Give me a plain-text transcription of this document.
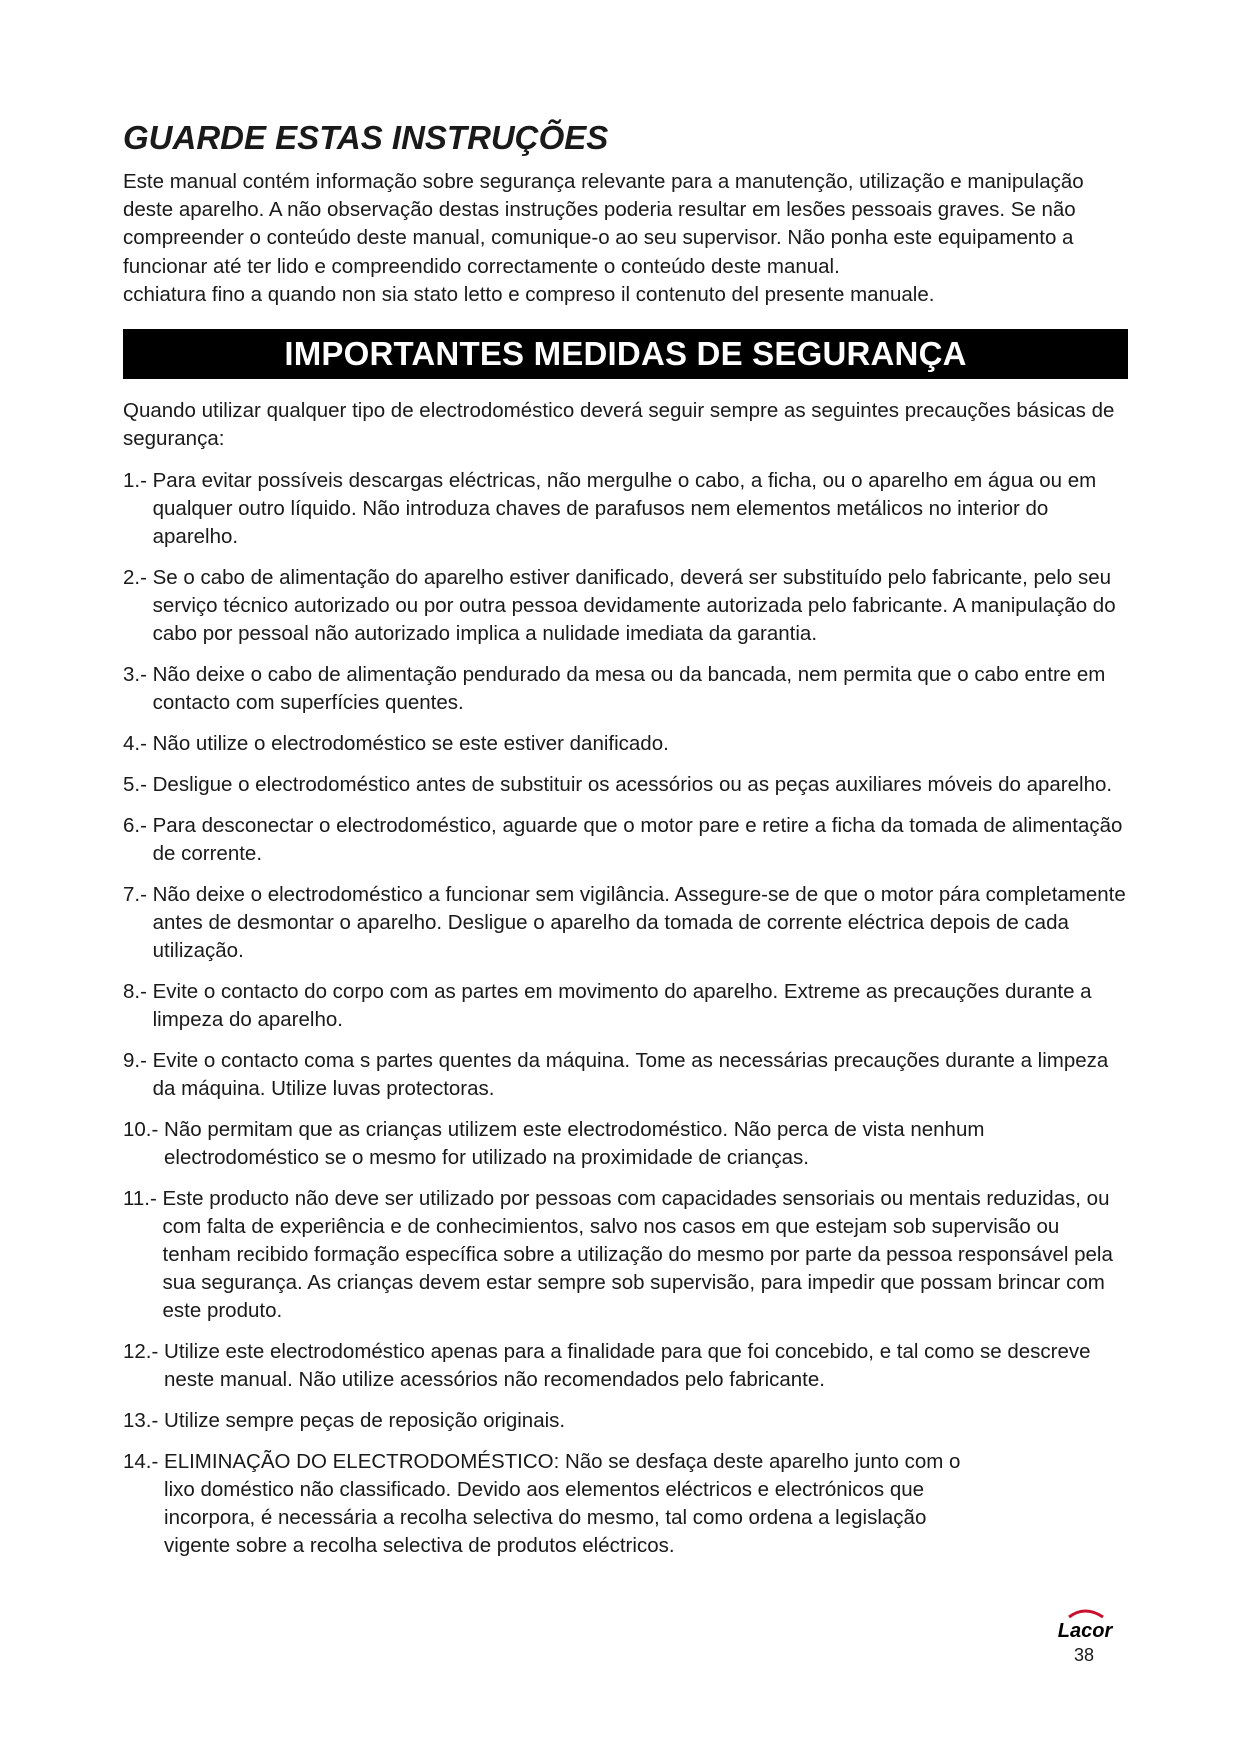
GUARDE ESTAS INSTRUÇÕES

Este manual contém informação sobre segurança relevante para a manutenção, utilização e manipulação deste aparelho. A não observação destas instruções poderia resultar em lesões pessoais graves. Se não compreender o conteúdo deste manual, comunique-o ao seu supervisor. Não ponha este equipamento a funcionar até ter lido e compreendido correctamente o conteúdo deste manual.

cchiatura fino a quando non sia stato letto e compreso il contenuto del presente manuale.

IMPORTANTES MEDIDAS DE SEGURANÇA

Quando utilizar qualquer tipo de electrodoméstico deverá seguir sempre as seguintes precauções básicas de segurança:

1.- Para evitar possíveis descargas eléctricas, não mergulhe o cabo, a ficha, ou o aparelho em água ou em qualquer outro líquido. Não introduza chaves de parafusos nem elementos metálicos no interior do aparelho.
2.- Se o cabo de alimentação do aparelho estiver danificado, deverá ser substituído pelo fabricante, pelo seu serviço técnico autorizado ou por outra pessoa devidamente autorizada pelo fabricante. A manipulação do cabo por pessoal não autorizado implica a nulidade imediata da garantia.
3.- Não deixe o cabo de alimentação pendurado da mesa ou da bancada, nem permita que o cabo entre em contacto com superfícies quentes.
4.- Não utilize o electrodoméstico se este estiver danificado.
5.- Desligue o electrodoméstico antes de substituir os acessórios ou as peças auxiliares móveis do aparelho.
6.- Para desconectar o electrodoméstico, aguarde que o motor pare e retire a ficha da tomada de alimentação de corrente.
7.- Não deixe o electrodoméstico a funcionar sem vigilância. Assegure-se de que o motor pára completamente antes de desmontar o aparelho. Desligue o aparelho da tomada de corrente eléctrica depois de cada utilização.
8.- Evite o contacto do corpo com as partes em movimento do aparelho. Extreme as precauções durante a limpeza do aparelho.
9.- Evite o contacto coma s partes quentes da máquina. Tome as necessárias precauções durante a limpeza da máquina. Utilize luvas protectoras.
10.- Não permitam que as crianças utilizem este electrodoméstico. Não perca de vista nenhum electrodoméstico se o mesmo for utilizado na proximidade de crianças.
11.- Este producto não deve ser utilizado por pessoas com capacidades sensoriais ou mentais reduzidas, ou com falta de experiência e de conhecimientos, salvo nos casos em que estejam sob supervisão ou tenham recibido formação específica sobre a utilização do mesmo por parte da pessoa responsável pela sua segurança. As crianças devem estar sempre sob supervisão, para impedir que possam brincar com este produto.
12.- Utilize este electrodoméstico apenas para a finalidade para que foi concebido, e tal como se descreve neste manual. Não utilize acessórios não recomendados pelo fabricante.
13.- Utilize sempre peças de reposição originais.
14.- ELIMINAÇÃO DO ELECTRODOMÉSTICO: Não se desfaça deste aparelho junto com o lixo doméstico não classificado. Devido aos elementos eléctricos e electrónicos que incorpora, é necessária a recolha selectiva do mesmo, tal como ordena a legislação vigente sobre a recolha selectiva de produtos eléctricos.
Lacor
38
